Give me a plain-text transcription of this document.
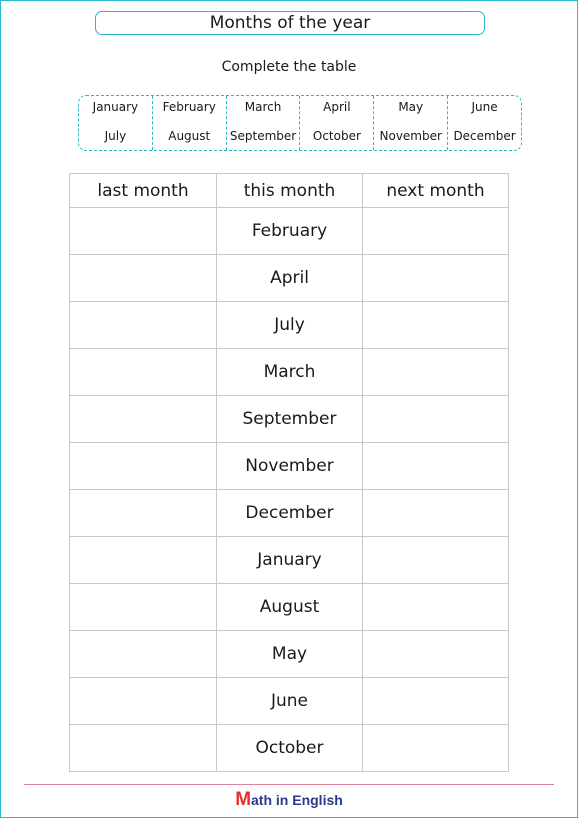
Months of the year
Complete the table
January
July
February
August
March
September
April
October
May
November
June
December
last month	this month	next month
	February	
	April	
	July	
	March	
	September	
	November	
	December	
	January	
	August	
	May	
	June	
	October	
Math in English
